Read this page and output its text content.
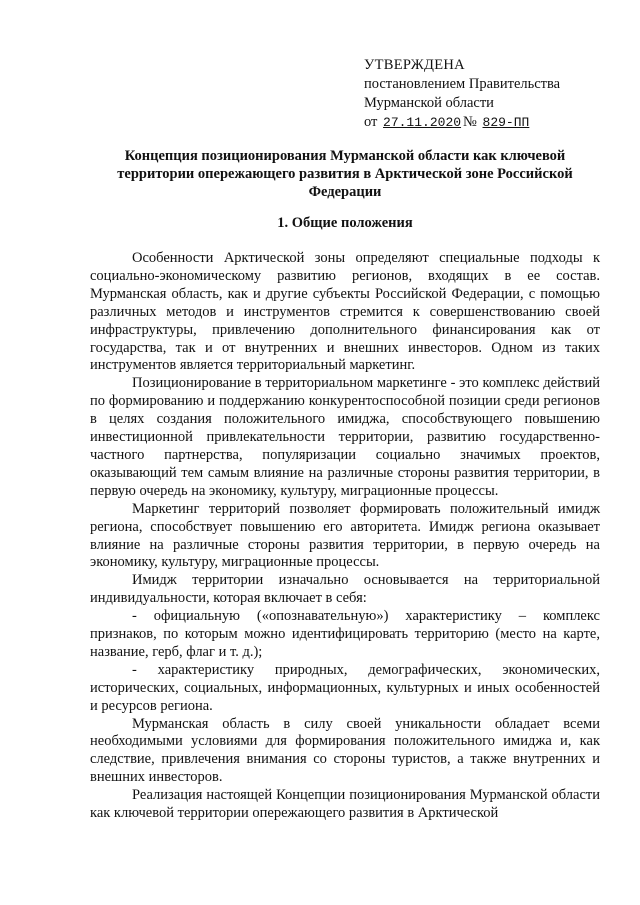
УТВЕРЖДЕНА
постановлением Правительства
Мурманской области
от 27.11.2020 № 829-ПП
Концепция позиционирования Мурманской области как ключевой территории опережающего развития в Арктической зоне Российской Федерации
1. Общие положения

Особенности Арктической зоны определяют специальные подходы к социально-экономическому развитию регионов, входящих в ее состав. Мурманская область, как и другие субъекты Российской Федерации, с помощью различных методов и инструментов стремится к совершенствованию своей инфраструктуры, привлечению дополнительного финансирования как от государства, так и от внутренних и внешних инвесторов. Одном из таких инструментов является территориальный маркетинг.

Позиционирование в территориальном маркетинге - это комплекс действий по формированию и поддержанию конкурентоспособной позиции среди регионов в целях создания положительного имиджа, способствующего повышению инвестиционной привлекательности территории, развитию государственно-частного партнерства, популяризации социально значимых проектов, оказывающий тем самым влияние на различные стороны развития территории, в первую очередь на экономику, культуру, миграционные процессы.

Маркетинг территорий позволяет формировать положительный имидж региона, способствует повышению его авторитета. Имидж региона оказывает влияние на различные стороны развития территории, в первую очередь на экономику, культуру, миграционные процессы.

Имидж территории изначально основывается на территориальной индивидуальности, которая включает в себя:

- официальную («опознавательную») характеристику – комплекс признаков, по которым можно идентифицировать территорию (место на карте, название, герб, флаг и т. д.);

- характеристику природных, демографических, экономических, исторических, социальных, информационных, культурных и иных особенностей и ресурсов региона.

Мурманская область в силу своей уникальности обладает всеми необходимыми условиями для формирования положительного имиджа и, как следствие, привлечения внимания со стороны туристов, а также внутренних и внешних инвесторов.

Реализация настоящей Концепции позиционирования Мурманской области как ключевой территории опережающего развития в Арктической
